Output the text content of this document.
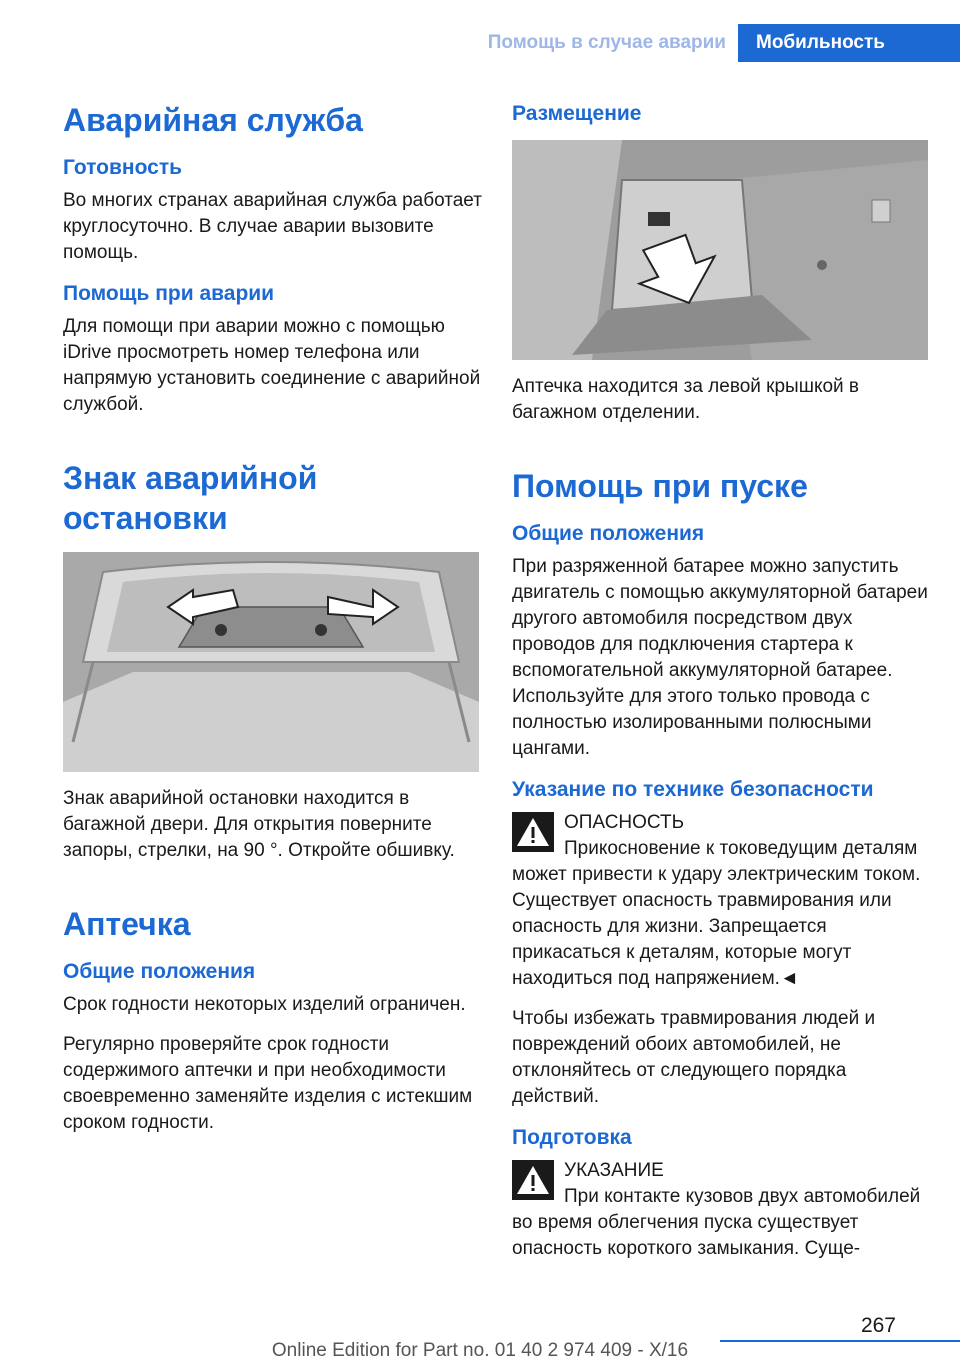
Помощь в случае аварии	Мобильность
Аварийная служба
Готовность

Во многих странах аварийная служба работает круглосуточно. В случае аварии вызовите помощь.

Помощь при аварии

Для помощи при аварии можно с помощью iDrive просмотреть номер телефона или напрямую установить соединение с аварийной службой.

Знак аварийной остановки

Знак аварийной остановки находится в багажной двери. Для открытия поверните запоры, стрелки, на 90 °. Откройте обшивку.

Аптечка
Общие положения

Срок годности некоторых изделий ограничен.

Регулярно проверяйте срок годности содержимого аптечки и при необходимости своевременно заменяйте изделия с истекшим сроком годности.

Размещение

Аптечка находится за левой крышкой в багажном отделении.

Помощь при пуске
Общие положения

При разряженной батарее можно запустить двигатель с помощью аккумуляторной батареи другого автомобиля посредством двух проводов для подключения стартера к вспомогательной аккумуляторной батарее. Используйте для этого только провода с полностью изолированными полюсными цангами.

Указание по технике безопасности
ОПАСНОСТЬ

Прикосновение к токоведущим деталям может привести к удару электрическим током. Существует опасность травмирования или опасность для жизни. Запрещается прикасаться к деталям, которые могут находиться под напряжением.◄

Чтобы избежать травмирования людей и повреждений обоих автомобилей, не отклоняйтесь от следующего порядка действий.

Подготовка
УКАЗАНИЕ

При контакте кузовов двух автомобилей во время облегчения пуска существует опасность короткого замыкания. Суще-

267
Online Edition for Part no. 01 40 2 974 409 - X/16
